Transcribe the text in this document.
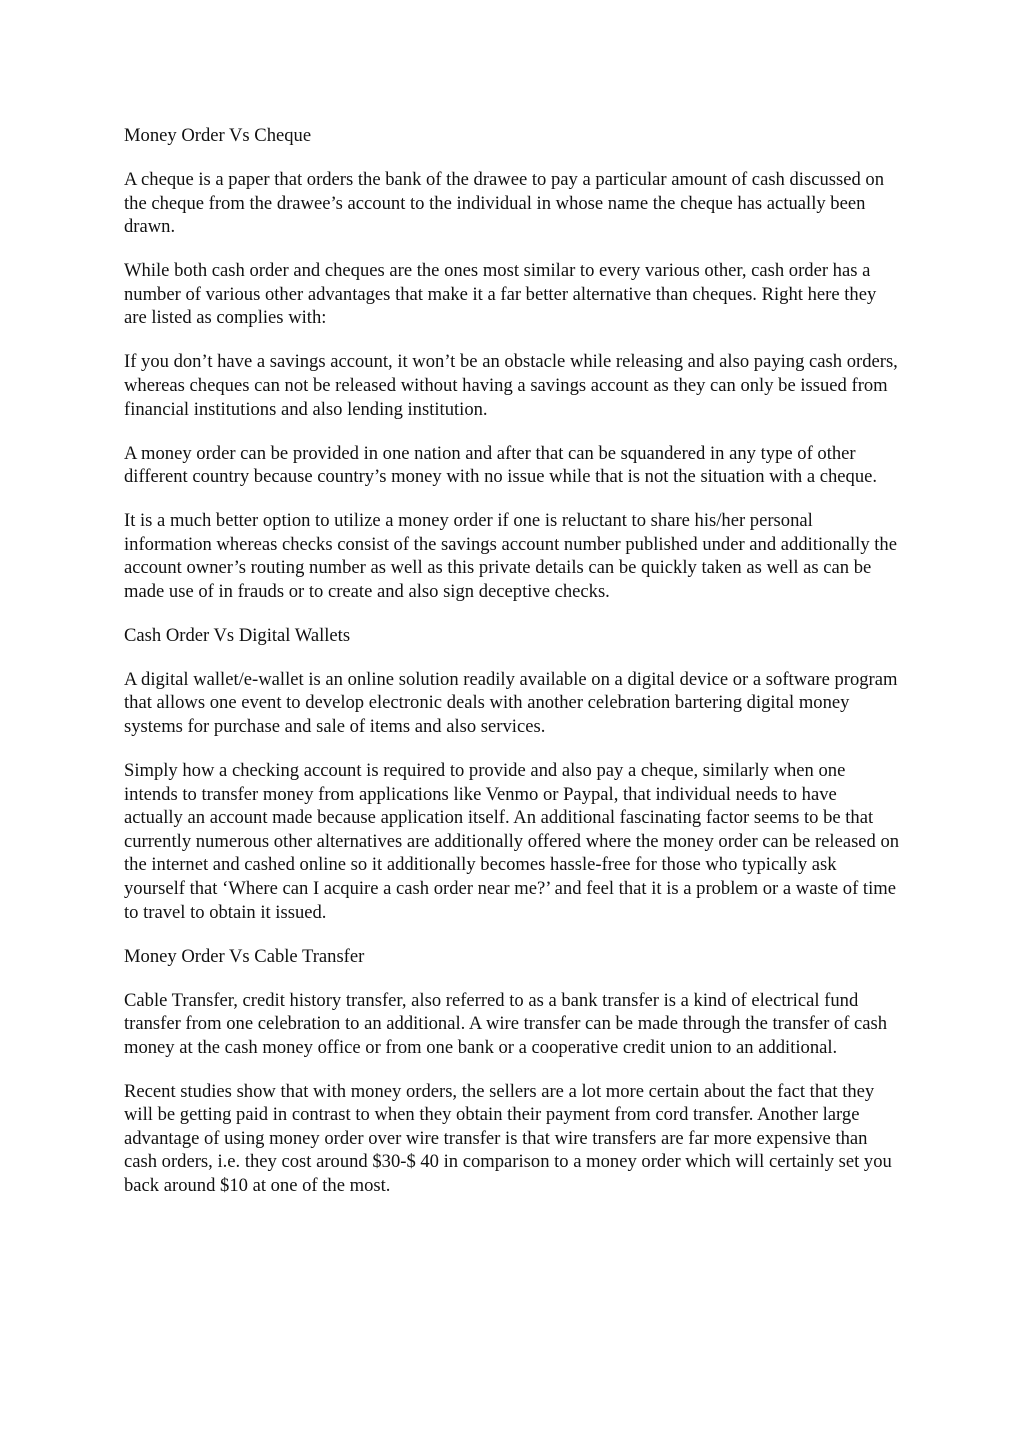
Money Order Vs Cheque

A cheque is a paper that orders the bank of the drawee to pay a particular amount of cash discussed on the cheque from the drawee’s account to the individual in whose name the cheque has actually been drawn.

While both cash order and cheques are the ones most similar to every various other, cash order has a number of various other advantages that make it a far better alternative than cheques. Right here they are listed as complies with:

If you don’t have a savings account, it won’t be an obstacle while releasing and also paying cash orders, whereas cheques can not be released without having a savings account as they can only be issued from financial institutions and also lending institution.

A money order can be provided in one nation and after that can be squandered in any type of other different country because country’s money with no issue while that is not the situation with a cheque.

It is a much better option to utilize a money order if one is reluctant to share his/her personal information whereas checks consist of the savings account number published under and additionally the account owner’s routing number as well as this private details can be quickly taken as well as can be made use of in frauds or to create and also sign deceptive checks.

Cash Order Vs Digital Wallets

A digital wallet/e-wallet is an online solution readily available on a digital device or a software program that allows one event to develop electronic deals with another celebration bartering digital money systems for purchase and sale of items and also services.

Simply how a checking account is required to provide and also pay a cheque, similarly when one intends to transfer money from applications like Venmo or Paypal, that individual needs to have actually an account made because application itself. An additional fascinating factor seems to be that currently numerous other alternatives are additionally offered where the money order can be released on the internet and cashed online so it additionally becomes hassle-free for those who typically ask yourself that ‘Where can I acquire a cash order near me?’ and feel that it is a problem or a waste of time to travel to obtain it issued.

Money Order Vs Cable Transfer

Cable Transfer, credit history transfer, also referred to as a bank transfer is a kind of electrical fund transfer from one celebration to an additional. A wire transfer can be made through the transfer of cash money at the cash money office or from one bank or a cooperative credit union to an additional.

Recent studies show that with money orders, the sellers are a lot more certain about the fact that they will be getting paid in contrast to when they obtain their payment from cord transfer. Another large advantage of using money order over wire transfer is that wire transfers are far more expensive than cash orders, i.e. they cost around $30-$ 40 in comparison to a money order which will certainly set you back around $10 at one of the most.
